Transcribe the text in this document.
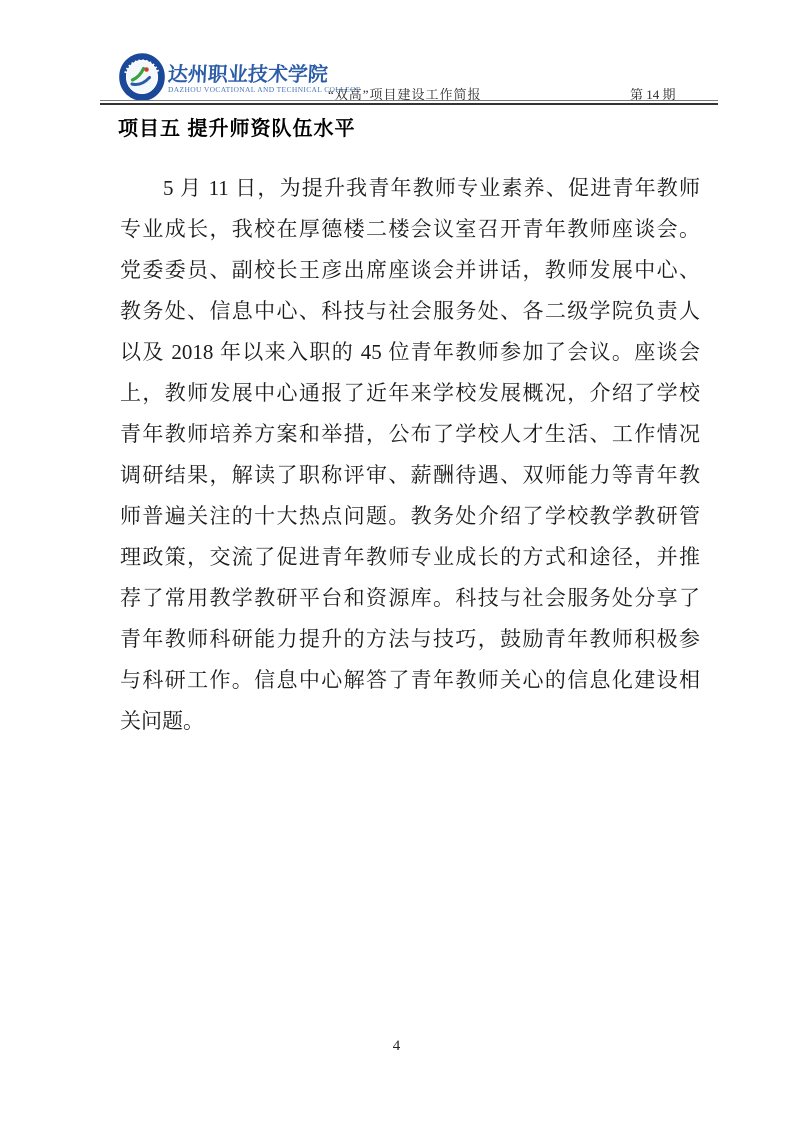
达州职业技术学院
DAZHOU VOCATIONAL AND TECHNICAL COLLEGE
“双高”项目建设工作简报	第 14 期
项目五 提升师资队伍水平
5 月 11 日，为提升我青年教师专业素养、促进青年教师
专业成长，我校在厚德楼二楼会议室召开青年教师座谈会。
党委委员、副校长王彦出席座谈会并讲话，教师发展中心、
教务处、信息中心、科技与社会服务处、各二级学院负责人
以及 2018 年以来入职的 45 位青年教师参加了会议。座谈会
上，教师发展中心通报了近年来学校发展概况，介绍了学校
青年教师培养方案和举措，公布了学校人才生活、工作情况
调研结果，解读了职称评审、薪酬待遇、双师能力等青年教
师普遍关注的十大热点问题。教务处介绍了学校教学教研管
理政策，交流了促进青年教师专业成长的方式和途径，并推
荐了常用教学教研平台和资源库。科技与社会服务处分享了
青年教师科研能力提升的方法与技巧，鼓励青年教师积极参
与科研工作。信息中心解答了青年教师关心的信息化建设相
关问题。
4
